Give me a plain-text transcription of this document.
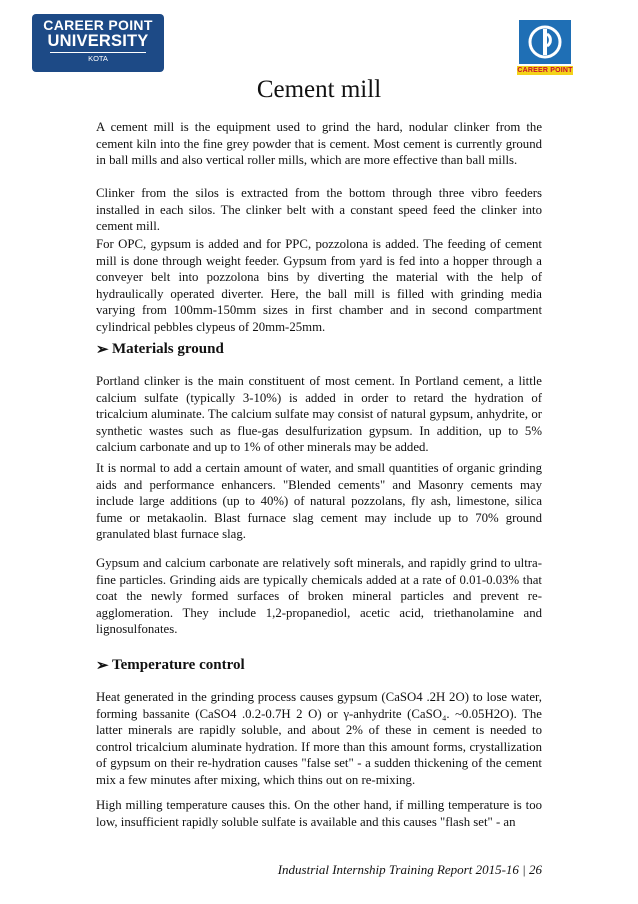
CAREER POINT
UNIVERSITY
KOTA
CAREER POINT
Cement mill

A cement mill is the equipment used to grind the hard, nodular clinker from the cement kiln into the fine grey powder that is cement. Most cement is currently ground in ball mills and also vertical roller mills, which are more effective than ball mills.

Clinker from the silos is extracted from the bottom through three vibro feeders installed in each silos. The clinker belt with a constant speed feed the clinker into cement mill.

For OPC, gypsum is added and for PPC, pozzolona is added. The feeding of cement mill is done through weight feeder. Gypsum from yard is fed into a hopper through a conveyer belt into pozzolona bins by diverting the material with the help of hydraulically operated diverter. Here, the ball mill is filled with grinding media varying from 100mm-150mm sizes in first chamber and in second compartment cylindrical pebbles clypeus of 20mm-25mm.

➢ Materials ground

Portland clinker is the main constituent of most cement. In Portland cement, a little calcium sulfate (typically 3-10%) is added in order to retard the hydration of tricalcium aluminate. The calcium sulfate may consist of natural gypsum, anhydrite, or synthetic wastes such as flue-gas desulfurization gypsum. In addition, up to 5% calcium carbonate and up to 1% of other minerals may be added.

It is normal to add a certain amount of water, and small quantities of organic grinding aids and performance enhancers. "Blended cements" and Masonry cements may include large additions (up to 40%) of natural pozzolans, fly ash, limestone, silica fume or metakaolin. Blast furnace slag cement may include up to 70% ground granulated blast furnace slag.

Gypsum and calcium carbonate are relatively soft minerals, and rapidly grind to ultra-fine particles. Grinding aids are typically chemicals added at a rate of 0.01-0.03% that coat the newly formed surfaces of broken mineral particles and prevent re-agglomeration. They include 1,2-propanediol, acetic acid, triethanolamine and lignosulfonates.

➢ Temperature control

Heat generated in the grinding process causes gypsum (CaSO4 .2H 2O) to lose water, forming bassanite (CaSO4 .0.2-0.7H 2 O) or γ-anhydrite (CaSO₄. ~0.05H2O). The latter minerals are rapidly soluble, and about 2% of these in cement is needed to control tricalcium aluminate hydration. If more than this amount forms, crystallization of gypsum on their re-hydration causes "false set" - a sudden thickening of the cement mix a few minutes after mixing, which thins out on re-mixing.

High milling temperature causes this. On the other hand, if milling temperature is too low, insufficient rapidly soluble sulfate is available and this causes "flash set" - an

Industrial Internship Training Report 2015-16 | 26
